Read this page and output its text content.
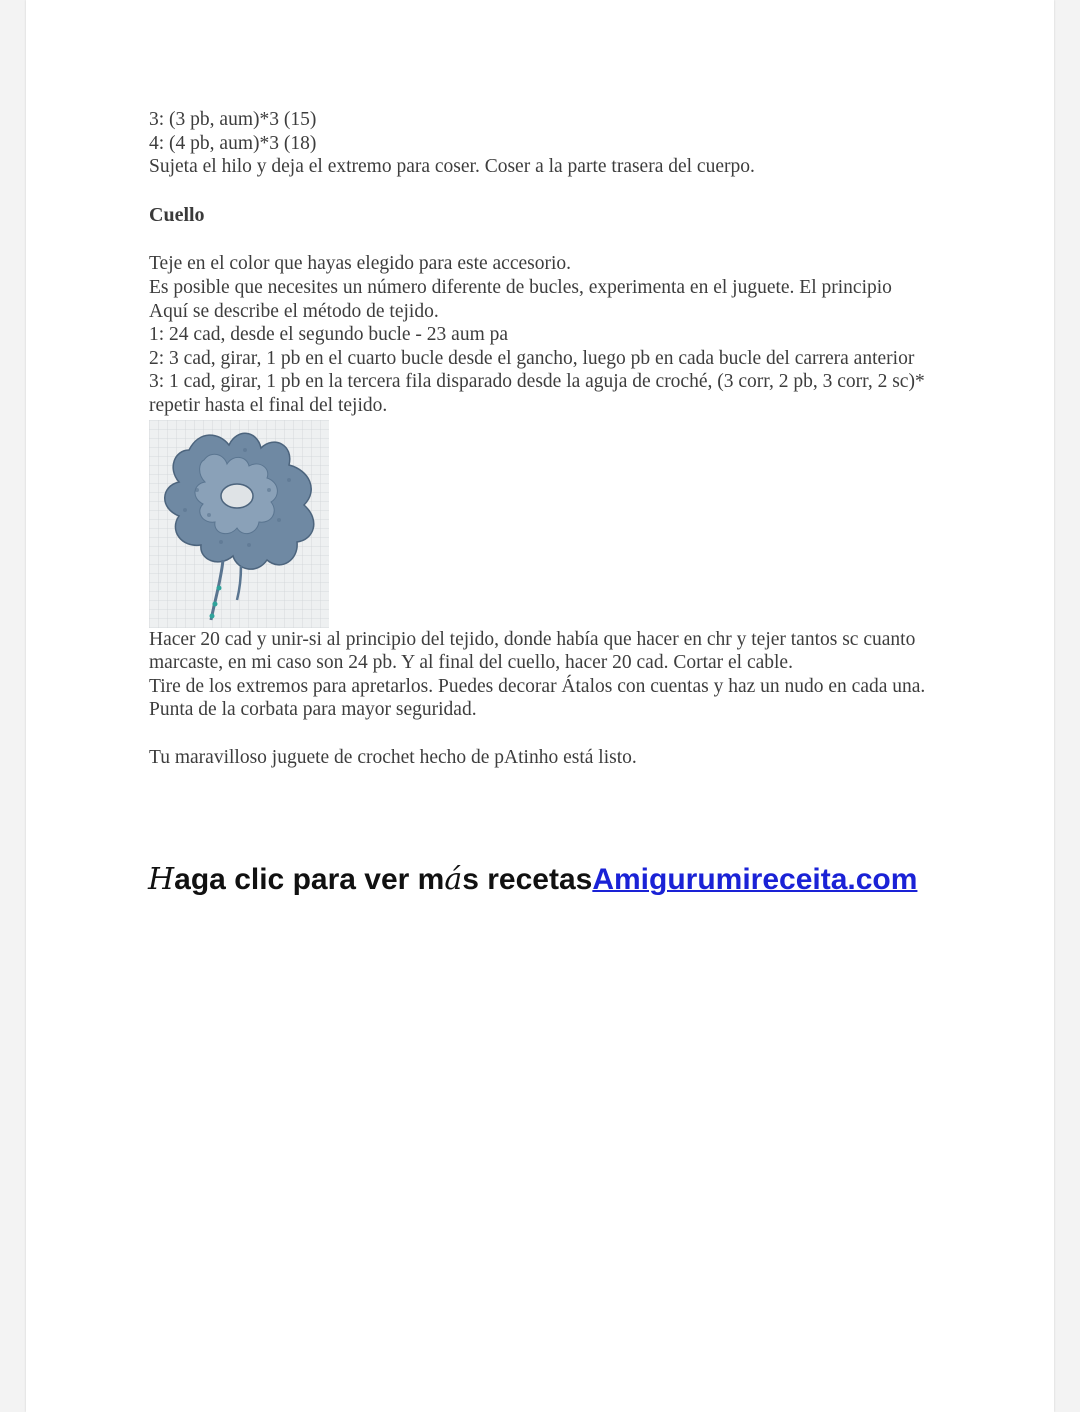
3: (3 pb, aum)*3 (15)
4: (4 pb, aum)*3 (18)
Sujeta el hilo y deja el extremo para coser. Coser a la parte trasera del cuerpo.
Cuello
Teje en el color que hayas elegido para este accesorio.
Es posible que necesites un número diferente de bucles, experimenta en el juguete. El principio
Aquí se describe el método de tejido.
1: 24 cad, desde el segundo bucle - 23 aum pa
2: 3 cad, girar, 1 pb en el cuarto bucle desde el gancho, luego pb en cada bucle del carrera anterior
3: 1 cad, girar, 1 pb en la tercera fila disparado desde la aguja de croché, (3 corr, 2 pb, 3 corr, 2 sc)* repetir hasta el final del tejido.
Hacer 20 cad y unir-si al principio del tejido, donde había que hacer en chr y tejer tantos sc cuanto marcaste, en mi caso son 24 pb. Y al final del cuello, hacer 20 cad. Cortar el cable.
Tire de los extremos para apretarlos. Puedes decorar Átalos con cuentas y haz un nudo en cada una.
Punta de la corbata para mayor seguridad.
Tu maravilloso juguete de crochet hecho de pAtinho está listo.
Haga clic para ver más recetasAmigurumireceita.com
